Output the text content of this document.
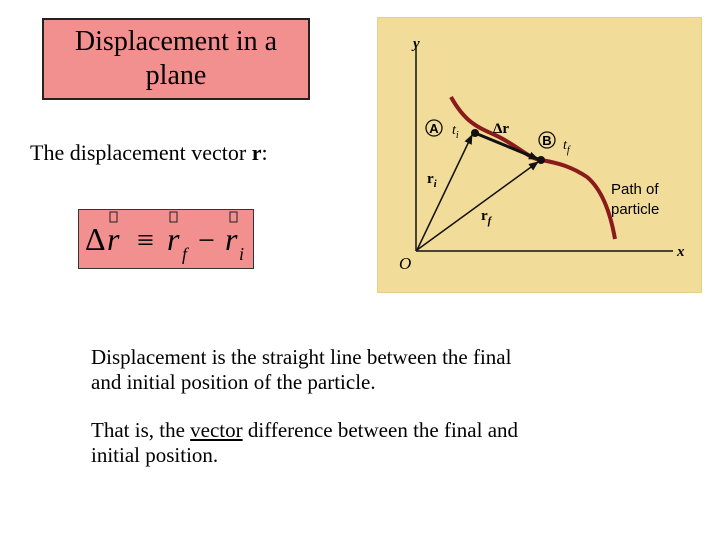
Displacement in a
plane
The displacement vector r:
Δ r ≡ r f − r i
y
x
O
A $t_i$	B $t_f$
Δr
$r_i$
$r_f$
Path of
particle
Displacement is the straight line between the final
and initial position of the particle.
That is, the vector difference between the final and
initial position.
